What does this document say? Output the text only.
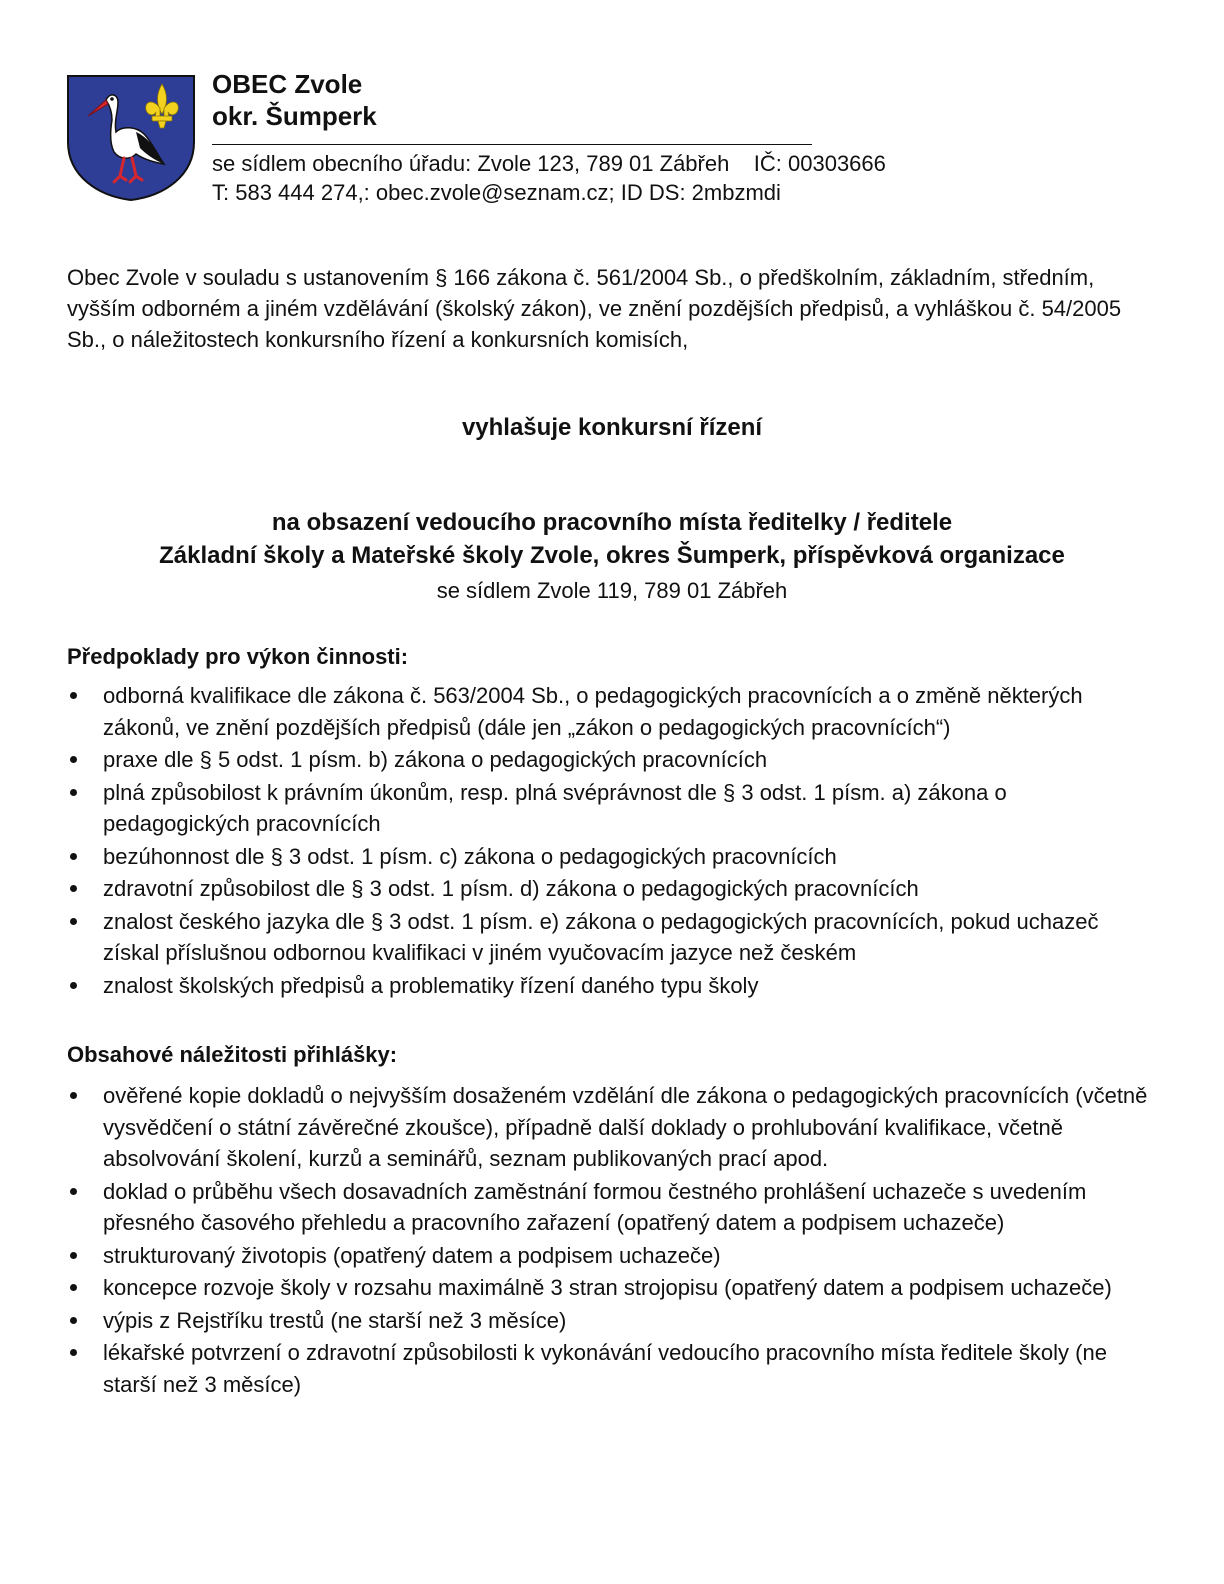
OBEC Zvole

okr. Šumperk

se sídlem obecního úřadu: Zvole 123, 789 01 Zábřeh    IČ: 00303666

T: 583 444 274,: obec.zvole@seznam.cz; ID DS: 2mbzmdi

Obec Zvole v souladu s ustanovením § 166 zákona č. 561/2004 Sb., o předškolním, základním, středním, vyšším odborném a jiném vzdělávání (školský zákon), ve znění pozdějších předpisů, a vyhláškou č. 54/2005 Sb., o náležitostech konkursního řízení a konkursních komisích,

vyhlašuje konkursní řízení

na obsazení vedoucího pracovního místa ředitelky / ředitele

Základní školy a Mateřské školy Zvole, okres Šumperk, příspěvková organizace

se sídlem Zvole 119, 789 01 Zábřeh

Předpoklady pro výkon činnosti:

odborná kvalifikace dle zákona č. 563/2004 Sb., o pedagogických pracovnících a o změně některých zákonů, ve znění pozdějších předpisů (dále jen „zákon o pedagogických pracovnících“)
praxe dle § 5 odst. 1 písm. b) zákona o pedagogických pracovnících
plná způsobilost k právním úkonům, resp. plná svéprávnost dle § 3 odst. 1 písm. a) zákona o pedagogických pracovnících
bezúhonnost dle § 3 odst. 1 písm. c) zákona o pedagogických pracovnících
zdravotní způsobilost dle § 3 odst. 1 písm. d) zákona o pedagogických pracovnících
znalost českého jazyka dle § 3 odst. 1 písm. e) zákona o pedagogických pracovnících, pokud uchazeč získal příslušnou odbornou kvalifikaci v jiném vyučovacím jazyce než českém
znalost školských předpisů a problematiky řízení daného typu školy

Obsahové náležitosti přihlášky:

ověřené kopie dokladů o nejvyšším dosaženém vzdělání dle zákona o pedagogických pracovnících (včetně vysvědčení o státní závěrečné zkoušce), případně další doklady o prohlubování kvalifikace, včetně absolvování školení, kurzů a seminářů, seznam publikovaných prací apod.
doklad o průběhu všech dosavadních zaměstnání formou čestného prohlášení uchazeče s uvedením přesného časového přehledu a pracovního zařazení (opatřený datem a podpisem uchazeče)
strukturovaný životopis (opatřený datem a podpisem uchazeče)
koncepce rozvoje školy v rozsahu maximálně 3 stran strojopisu (opatřený datem a podpisem uchazeče)
výpis z Rejstříku trestů (ne starší než 3 měsíce)
lékařské potvrzení o zdravotní způsobilosti k vykonávání vedoucího pracovního místa ředitele školy (ne starší než 3 měsíce)
